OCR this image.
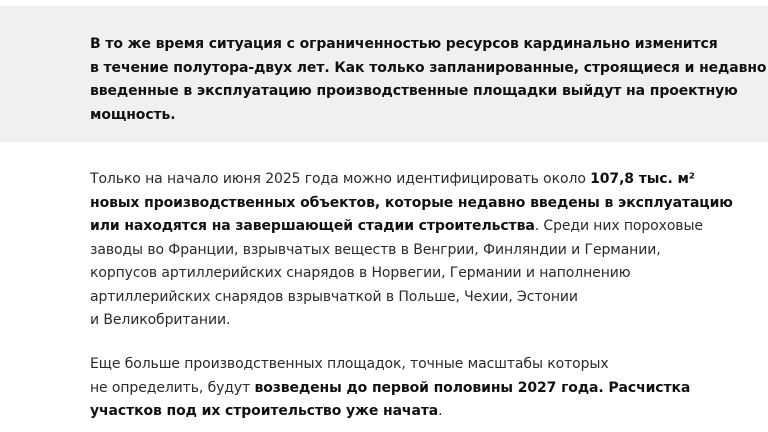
В то же время ситуация с ограниченностью ресурсов кардинально изменится
в течение полутора-двух лет. Как только запланированные, строящиеся и недавно
введенные в эксплуатацию производственные площадки выйдут на проектную
мощность.
Только на начало июня 2025 года можно идентифицировать около 107,8 тыс. м²
новых производственных объектов, которые недавно введены в эксплуатацию
или находятся на завершающей стадии строительства. Среди них пороховые
заводы во Франции, взрывчатых веществ в Венгрии, Финляндии и Германии,
корпусов артиллерийских снарядов в Норвегии, Германии и наполнению
артиллерийских снарядов взрывчаткой в Польше, Чехии, Эстонии
и Великобритании.
Еще больше производственных площадок, точные масштабы которых
не определить, будут возведены до первой половины 2027 года. Расчистка
участков под их строительство уже начата.
